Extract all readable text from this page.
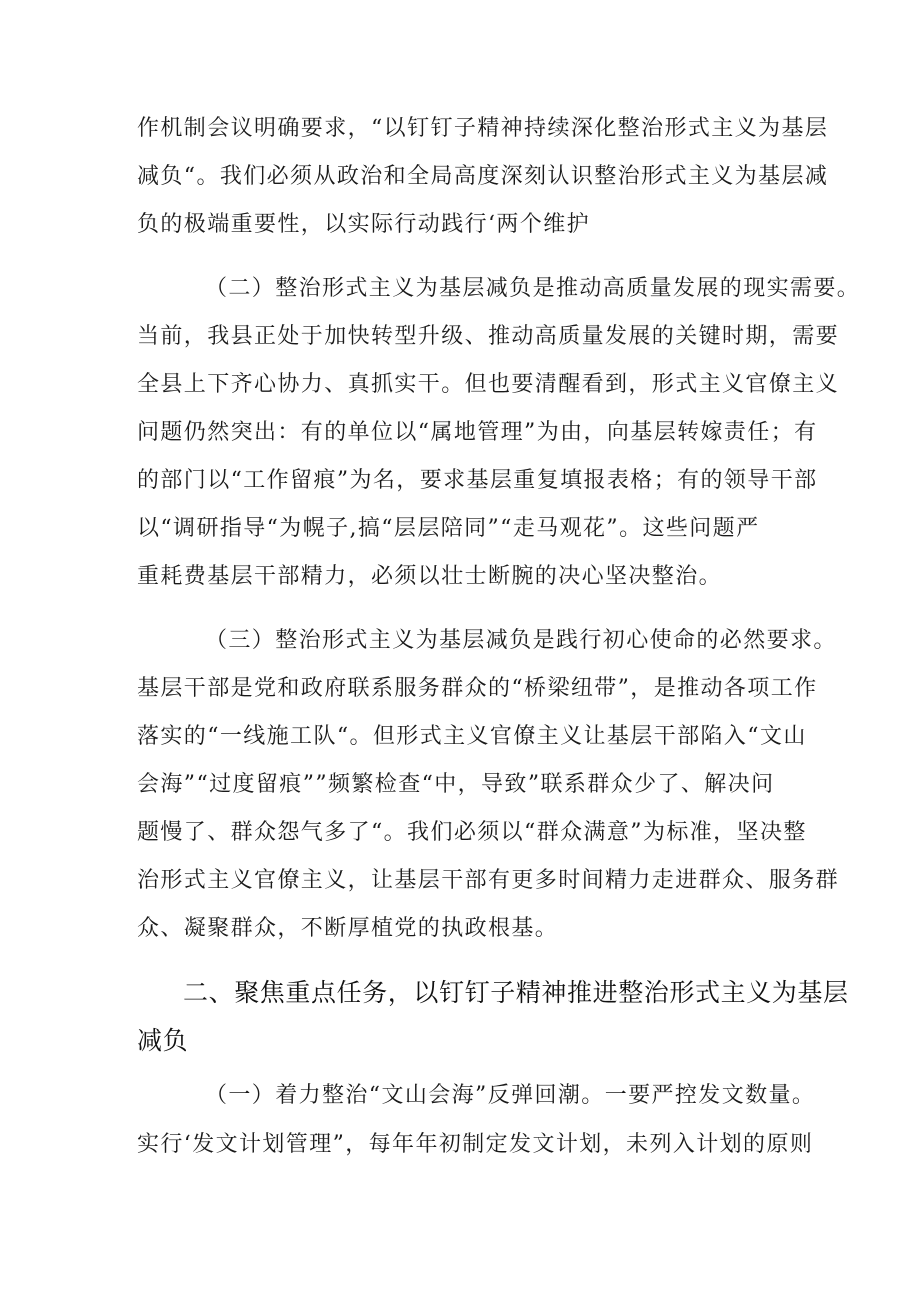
作机制会议明确要求，“以钉钉子精神持续深化整治形式主义为基层
减负“。我们必须从政治和全局高度深刻认识整治形式主义为基层减
负的极端重要性，以实际行动践行‘两个维护
（二）整治形式主义为基层减负是推动高质量发展的现实需要。
当前，我县正处于加快转型升级、推动高质量发展的关键时期，需要
全县上下齐心协力、真抓实干。但也要清醒看到，形式主义官僚主义
问题仍然突出：有的单位以“属地管理”为由，向基层转嫁责任；有
的部门以“工作留痕”为名，要求基层重复填报表格；有的领导干部
以“调研指导“为幌子,搞“层层陪同”“走马观花”。这些问题严
重耗费基层干部精力，必须以壮士断腕的决心坚决整治。
（三）整治形式主义为基层减负是践行初心使命的必然要求。
基层干部是党和政府联系服务群众的“桥梁纽带”，是推动各项工作
落实的“一线施工队“。但形式主义官僚主义让基层干部陷入“文山
会海”“过度留痕””频繁检查“中，导致”联系群众少了、解决问
题慢了、群众怨气多了“。我们必须以“群众满意”为标准，坚决整
治形式主义官僚主义，让基层干部有更多时间精力走进群众、服务群
众、凝聚群众，不断厚植党的执政根基。
二、聚焦重点任务，以钉钉子精神推进整治形式主义为基层
减负
（一）着力整治“文山会海”反弹回潮。一要严控发文数量。
实行‘发文计划管理”，每年年初制定发文计划，未列入计划的原则
